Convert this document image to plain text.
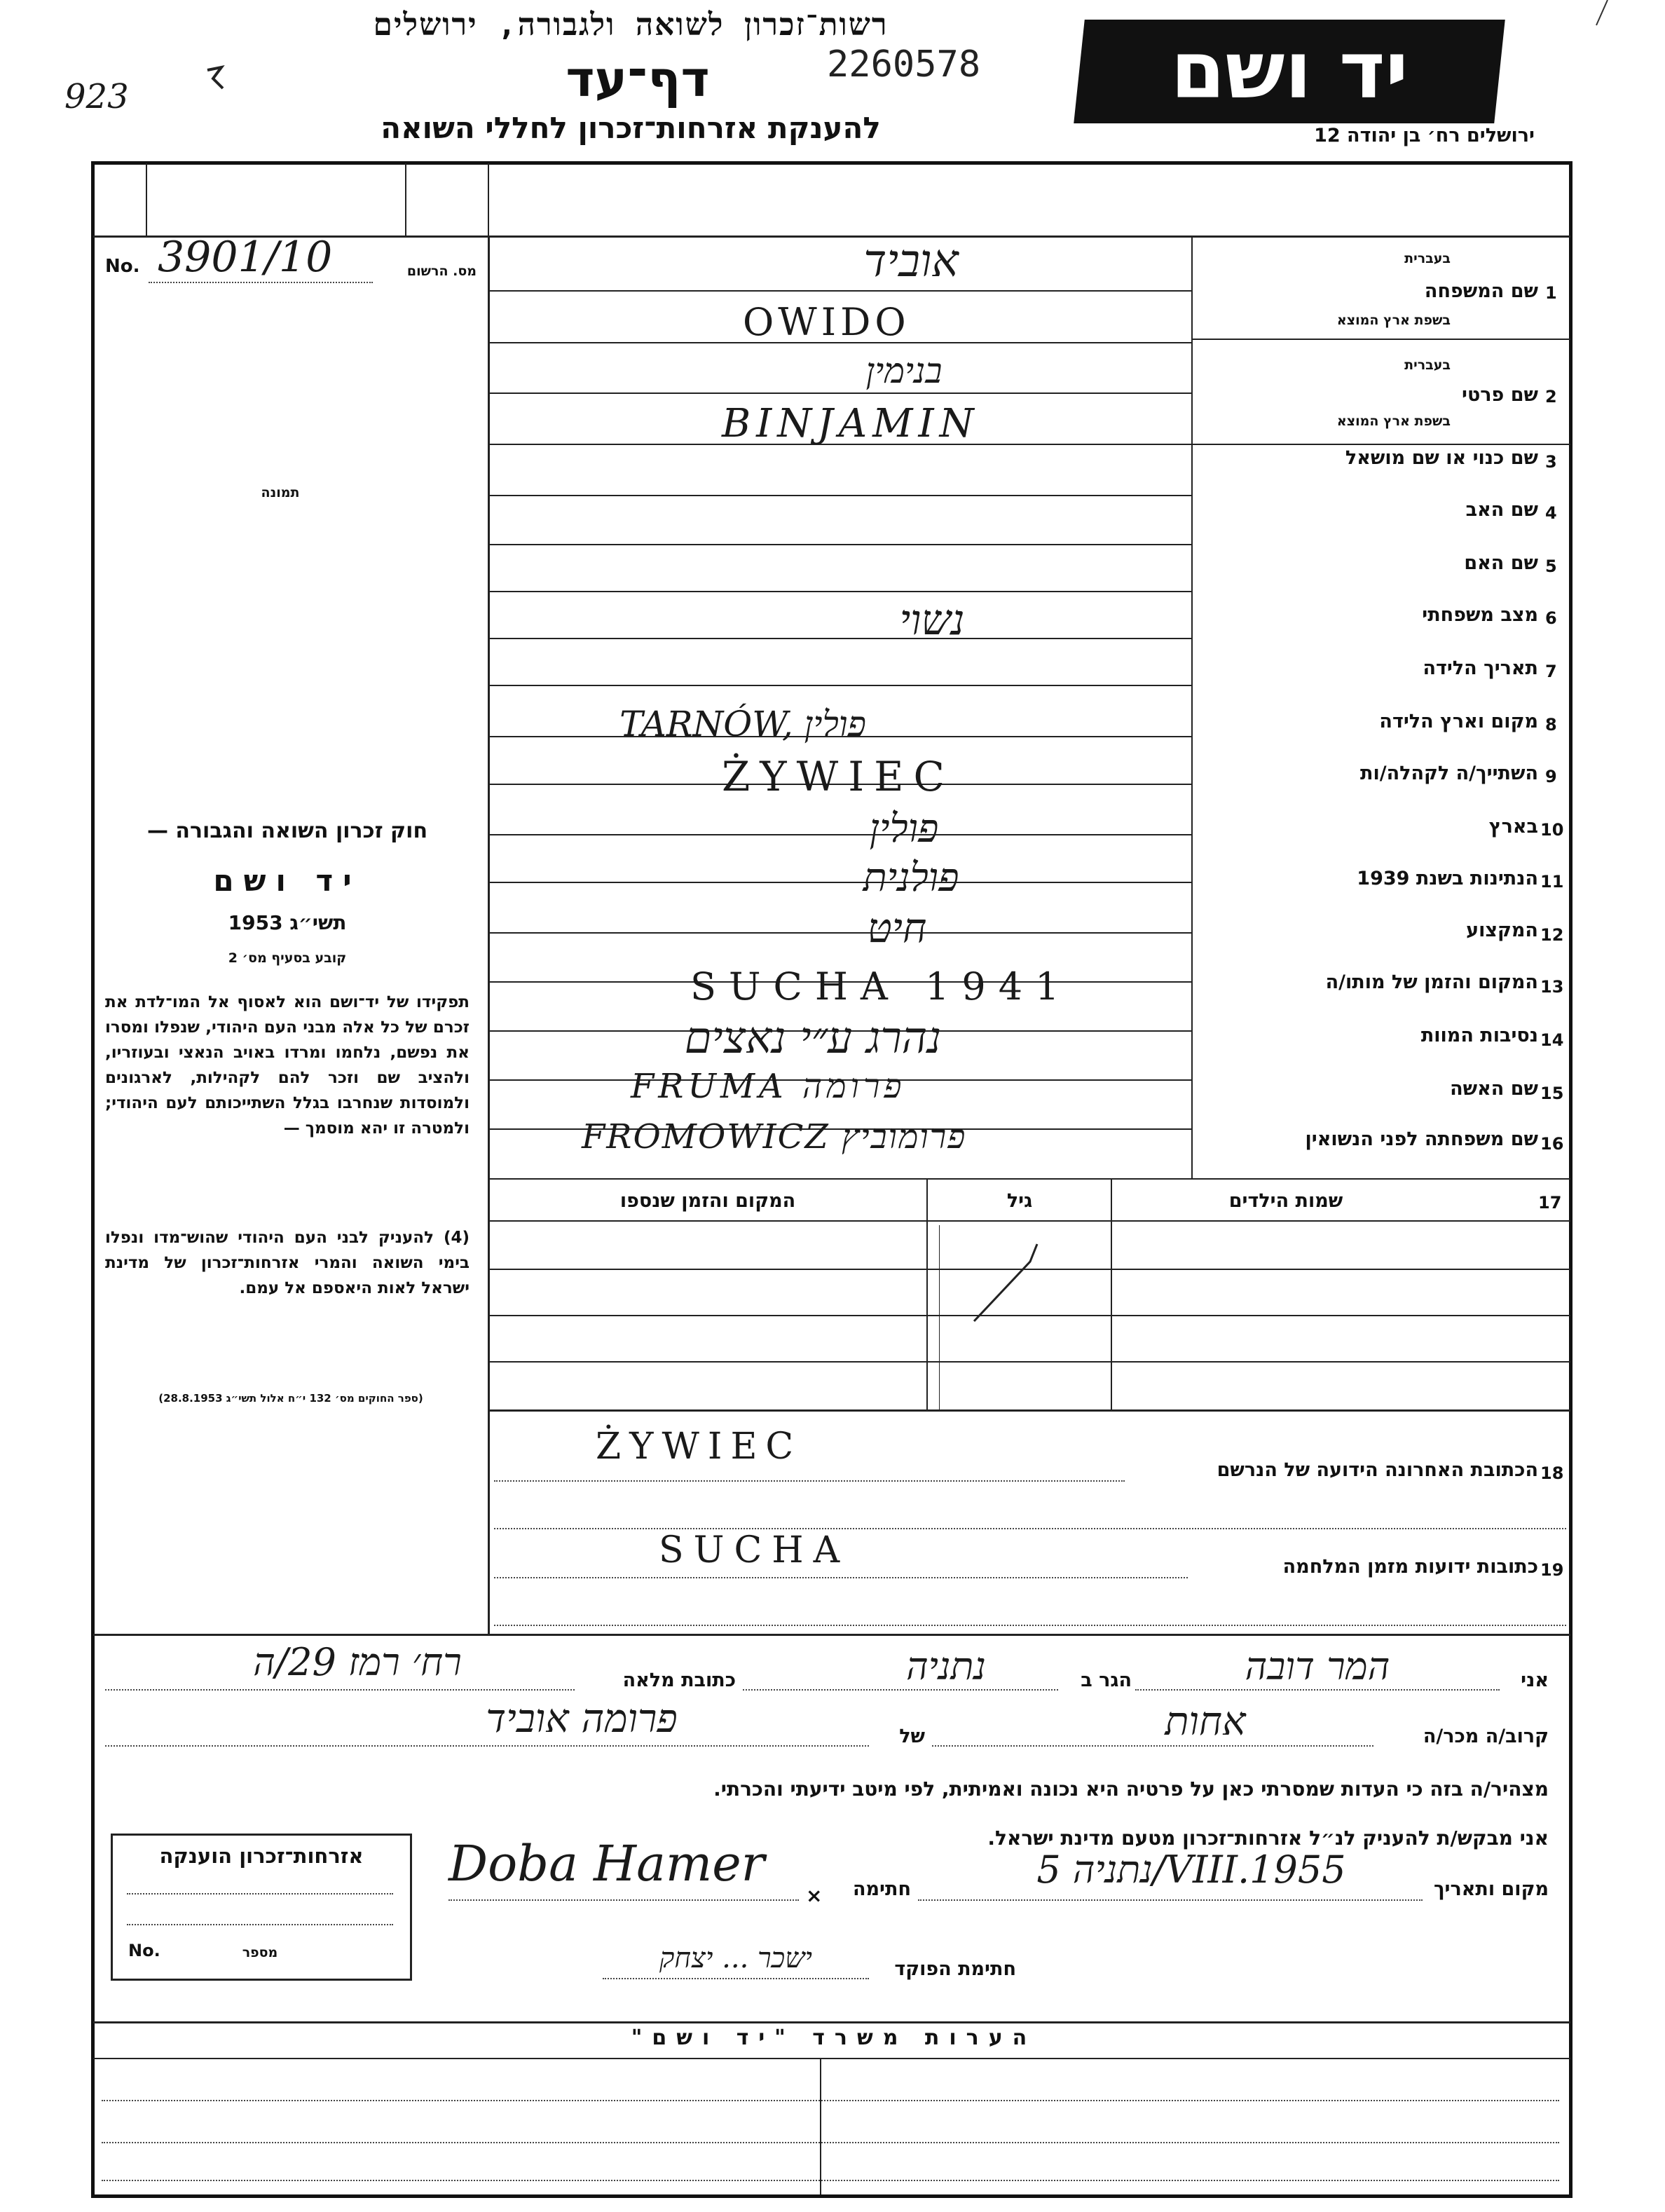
יד ושם
ירושלים רח׳ בן יהודה 12
רשות־זכרון לשואה ולגבורה, ירושלים
2260578
דף־עד
להענקת אזרחות־זכרון לחללי השואה
923
No. 3901/10	מס. הרשום
תמונה
חוק זכרון השואה והגבורה —
יד ושם
תשי״ג 1953
קובע בסעיף מס׳ 2
תפקידו של יד־ושם הוא לאסוף אל המו־לדת את זכרם של כל אלה מבני העם היהודי, שנפלו ומסרו את נפשם, נלחמו ומרדו באויב הנאצי ובעוזריו, ולהציב שם וזכר להם לקהילות, לארגונים ולמוסדות שנחרבו בגלל השתייכותם לעם היהודי; ולמטרה זו יהא מוסמך —
(4) להעניק לבני העם היהודי שהוש־מדו ונפלו בימי השואה והמרי אזרחות־זכרון של מדינת ישראל לאות היאספם אל עמם.
(ספר החוקים מס׳ 132 י״ח אלול תשי״ג 28.8.1953)
1
שם המשפחה
בעברית
בשפת ארץ המוצא
אוביד
OWIDO
2
שם פרטי
בעברית
בשפת ארץ המוצא
בנימין
BINJAMIN
3
שם כנוי או שם מושאל
4
שם האב
5
שם האם
6
מצב משפחתי
נשוי
7
תאריך הלידה
8
מקום וארץ הלידה
TARNÓW, פולין
9
השתייך/ה לקהלה/ות
ŻYWIEC
10
בארץ
פולין
11
הנתינות בשנת 1939
פולנית
12
המקצוע
חיט
13
המקום והזמן של מותו/ה
SUCHA 1941
14
נסיבות המוות
נהרג ע״י נאצים
15
שם האשה
FRUMA פרומה
16
שם משפחתה לפני הנשואין
FROMOWICZ פרומוביץ
17
שמות הילדים
גיל
המקום והזמן שנספו
18
הכתובת האחרונה הידועה של הנרשם
ŻYWIEC
19
כתובות ידועות מזמן המלחמה
SUCHA
אני
המר דובה
הגר ב
נתניה
כתובת מלאה
רח׳ רמז 29/ה
קרוב/ה מכר/ה
אחות
של
פרומה אוביד
מצהיר/ה בזה כי העדות שמסרתי כאן על פרטיה היא נכונה ואמיתית, לפי מיטב ידיעתי והכרתי.
אני מבקש/ת להעניק לנ״ל אזרחות־זכרון מטעם מדינת ישראל.
מקום ותאריך
נתניה 5/VIII.1955
חתימה
×
Doba Hamer
חתימת הפוקד
ישכר ... יצחק
אזרחות־זכרון הוענקה
No.	מספר
הערות משרד "יד ושם"
